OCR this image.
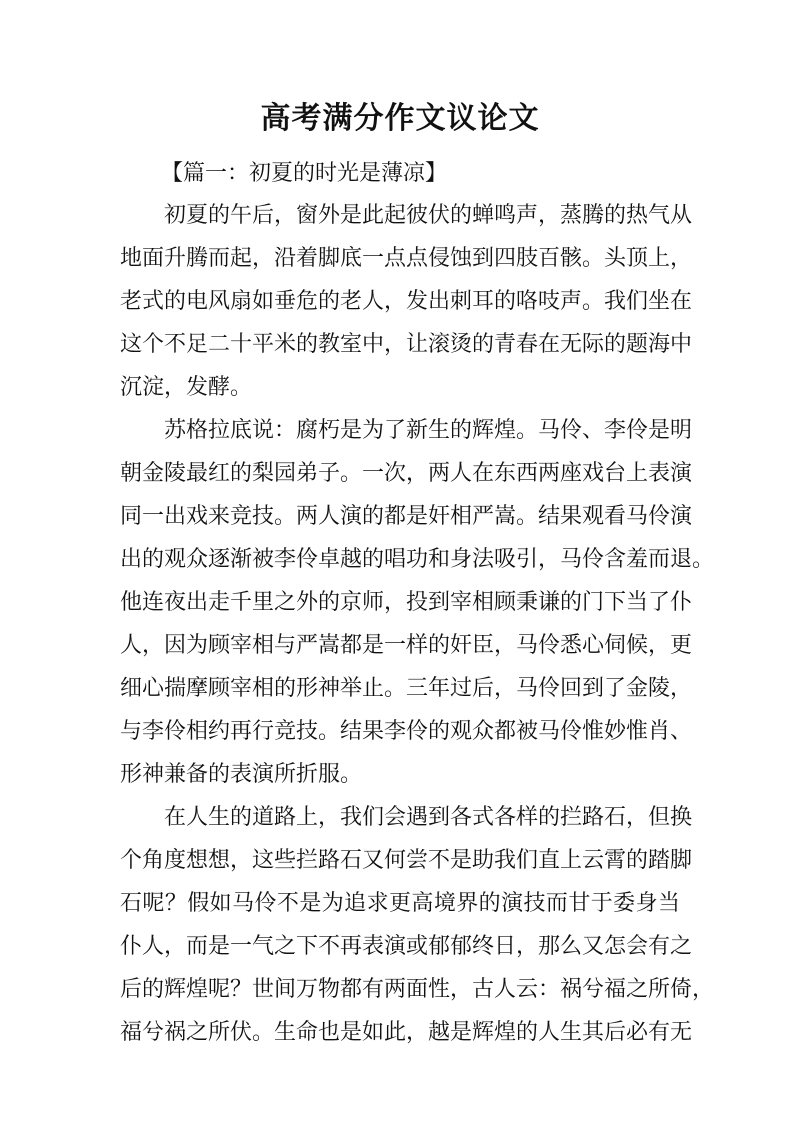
高考满分作文议论文
【篇一：初夏的时光是薄凉】
初夏的午后，窗外是此起彼伏的蝉鸣声，蒸腾的热气从
地面升腾而起，沿着脚底一点点侵蚀到四肢百骸。头顶上，
老式的电风扇如垂危的老人，发出刺耳的咯吱声。我们坐在
这个不足二十平米的教室中，让滚烫的青春在无际的题海中
沉淀，发酵。
苏格拉底说：腐朽是为了新生的辉煌。马伶、李伶是明
朝金陵最红的梨园弟子。一次，两人在东西两座戏台上表演
同一出戏来竞技。两人演的都是奸相严嵩。结果观看马伶演
出的观众逐渐被李伶卓越的唱功和身法吸引，马伶含羞而退。
他连夜出走千里之外的京师，投到宰相顾秉谦的门下当了仆
人，因为顾宰相与严嵩都是一样的奸臣，马伶悉心伺候，更
细心揣摩顾宰相的形神举止。三年过后，马伶回到了金陵，
与李伶相约再行竞技。结果李伶的观众都被马伶惟妙惟肖、
形神兼备的表演所折服。
在人生的道路上，我们会遇到各式各样的拦路石，但换
个角度想想，这些拦路石又何尝不是助我们直上云霄的踏脚
石呢？假如马伶不是为追求更高境界的演技而甘于委身当
仆人，而是一气之下不再表演或郁郁终日，那么又怎会有之
后的辉煌呢？世间万物都有两面性，古人云：祸兮福之所倚，
福兮祸之所伏。生命也是如此，越是辉煌的人生其后必有无
